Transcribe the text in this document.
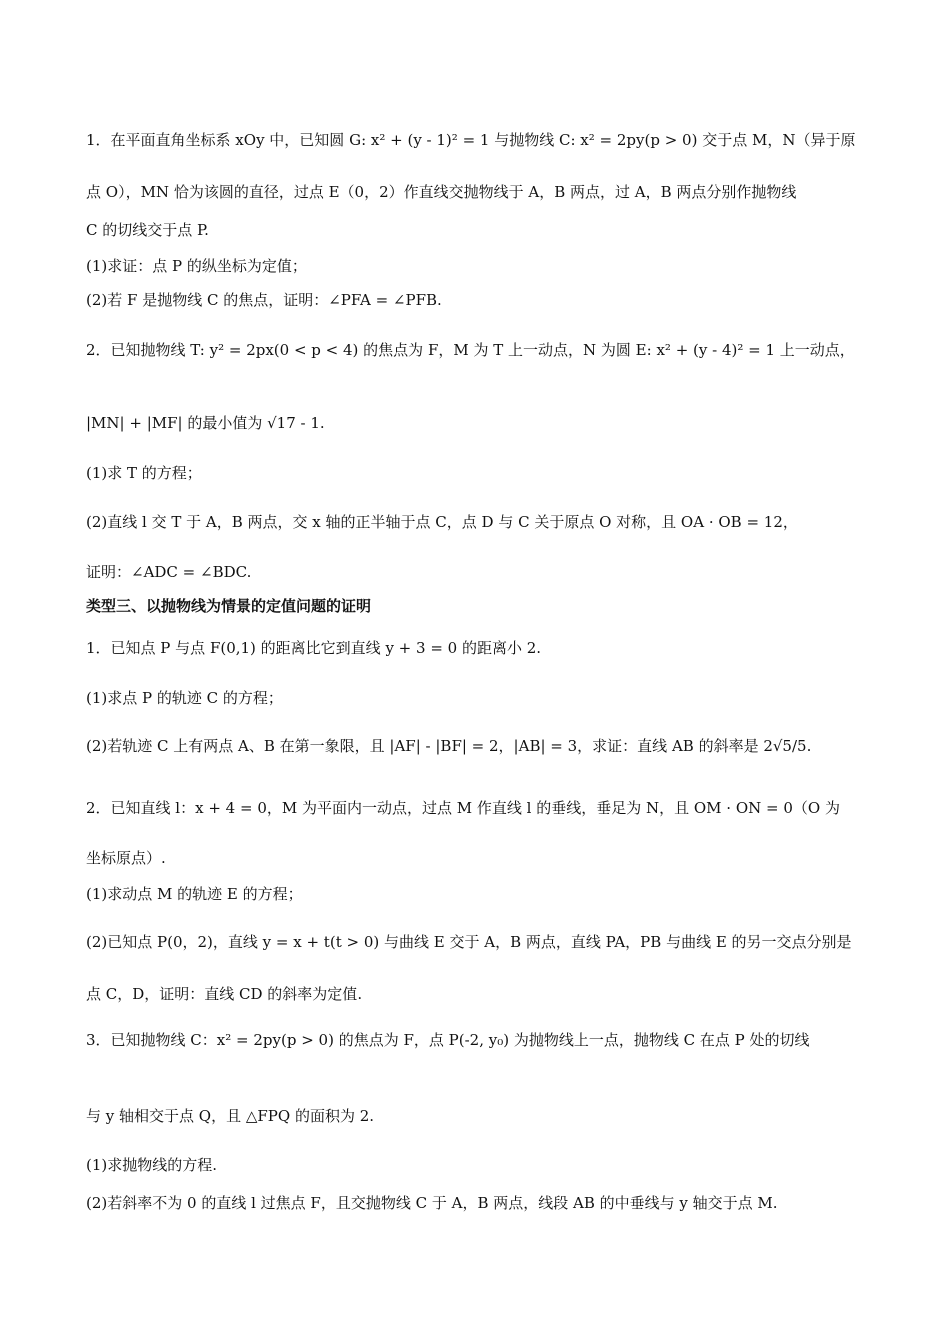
1．在平面直角坐标系 xOy 中，已知圆 G: x² + (y - 1)² = 1 与抛物线 C: x² = 2py(p > 0) 交于点 M，N（异于原
点 O），MN 恰为该圆的直径，过点 E（0，2）作直线交抛物线于 A，B 两点，过 A，B 两点分别作抛物线
C 的切线交于点 P.
(1)求证：点 P 的纵坐标为定值；
(2)若 F 是抛物线 C 的焦点，证明：∠PFA = ∠PFB.
2．已知抛物线 T: y² = 2px(0 < p < 4) 的焦点为 F，M 为 T 上一动点，N 为圆 E: x² + (y - 4)² = 1 上一动点，
|MN| + |MF| 的最小值为 √17 - 1.
(1)求 T 的方程；
(2)直线 l 交 T 于 A，B 两点，交 x 轴的正半轴于点 C，点 D 与 C 关于原点 O 对称，且 OA · OB = 12，
证明：∠ADC = ∠BDC.
类型三、以抛物线为情景的定值问题的证明
1．已知点 P 与点 F(0,1) 的距离比它到直线 y + 3 = 0 的距离小 2.
(1)求点 P 的轨迹 C 的方程；
(2)若轨迹 C 上有两点 A、B 在第一象限，且 |AF| - |BF| = 2，|AB| = 3，求证：直线 AB 的斜率是 2√5/5.
2．已知直线 l：x + 4 = 0，M 为平面内一动点，过点 M 作直线 l 的垂线，垂足为 N，且 OM · ON = 0（O 为
坐标原点）.
(1)求动点 M 的轨迹 E 的方程；
(2)已知点 P(0，2)，直线 y = x + t(t > 0) 与曲线 E 交于 A，B 两点，直线 PA，PB 与曲线 E 的另一交点分别是
点 C，D，证明：直线 CD 的斜率为定值.
3．已知抛物线 C：x² = 2py(p > 0) 的焦点为 F，点 P(-2, y₀) 为抛物线上一点，抛物线 C 在点 P 处的切线
与 y 轴相交于点 Q，且 △FPQ 的面积为 2.
(1)求抛物线的方程.
(2)若斜率不为 0 的直线 l 过焦点 F，且交抛物线 C 于 A，B 两点，线段 AB 的中垂线与 y 轴交于点 M.
